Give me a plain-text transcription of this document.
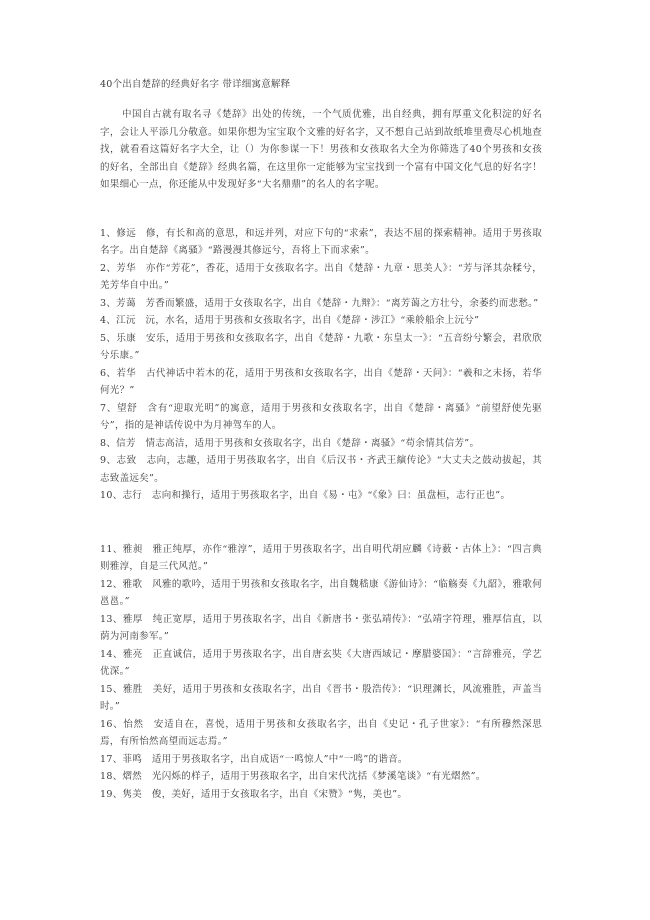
40个出自楚辞的经典好名字 带详细寓意解释

中国自古就有取名寻《楚辞》出处的传统，一个气质优雅，出自经典，拥有厚重文化积淀的好名字，会让人平添几分敬意。如果你想为宝宝取个文雅的好名字，又不想自己站到故纸堆里费尽心机地查找，就看看这篇好名字大全，让（）为你参谋一下！男孩和女孩取名大全为你筛选了40个男孩和女孩的好名，全部出自《楚辞》经典名篇，在这里你一定能够为宝宝找到一个富有中国文化气息的好名字！如果细心一点，你还能从中发现好多“大名鼎鼎”的名人的名字呢。

1、修远　修，有长和高的意思，和远并列，对应下句的“求索”，表达不屈的探索精神。适用于男孩取名字。出自楚辞《离骚》“路漫漫其修远兮，吾将上下而求索”。

2、芳华　亦作“芳花”，香花，适用于女孩取名字。出自《楚辞・九章・思美人》：“芳与泽其杂糅兮，羌芳华自中出。”

3、芳蔼　芳香而繁盛，适用于女孩取名字，出自《楚辞・九辩》：“离芳蔼之方壮兮，余萎约而悲愁。”

4、江沅　沅，水名，适用于男孩和女孩取名字，出自《楚辞・涉江》“乘舲船余上沅兮”

5、乐康　安乐，适用于男孩和女孩取名字，出自《楚辞・九歌・东皇太一》：“五音纷兮繁会，君欣欣兮乐康。”

6、若华　古代神话中若木的花，适用于男孩和女孩取名字，出自《楚辞・天问》：“羲和之未扬，若华何光？”

7、望舒　含有“迎取光明”的寓意，适用于男孩和女孩取名字，出自《楚辞・离骚》“前望舒使先驱兮”，指的是神话传说中为月神驾车的人。

8、信芳　情志高洁，适用于男孩和女孩取名字，出自《楚辞・离骚》“苟余情其信芳”。

9、志致　志向，志趣，适用于男孩取名字，出自《后汉书・齐武王縯传论》“大丈夫之鼓动拔起，其志致盖远矣”。

10、志行　志向和操行，适用于男孩取名字，出自《易・屯》“《象》曰：虽盘桓，志行正也”。

11、雅昶　雅正纯厚，亦作“雅淳”，适用于男孩取名字，出自明代胡应麟《诗薮・古体上》：“四言典则雅淳，自是三代风范。”

12、雅歌　风雅的歌吟，适用于男孩和女孩取名字，出自魏嵇康《游仙诗》：“临觞奏《九韶》，雅歌何邕邕。”

13、雅厚　纯正宽厚，适用于男孩取名字，出自《新唐书・张弘靖传》：“弘靖字符理，雅厚信直，以荫为河南参军。”

14、雅亮　正直诚信，适用于男孩取名字，出自唐玄奘《大唐西域记・摩腊婆国》：“言辞雅亮，学艺优深。”

15、雅胜　美好，适用于男孩和女孩取名字，出自《晋书・殷浩传》：“识理渊长，风流雅胜，声盖当时。”

16、怡然　安适自在，喜悦，适用于男孩和女孩取名字，出自《史记・孔子世家》：“有所穆然深思焉，有所怡然高望而远志焉。”

17、菲鸣　适用于男孩取名字，出自成语“一鸣惊人”中“一鸣”的谐音。

18、熠然　光闪烁的样子，适用于男孩取名字，出自宋代沈括《梦溪笔谈》“有光熠然”。

19、隽美　俊，美好，适用于女孩取名字，出自《宋赞》“隽，美也”。
